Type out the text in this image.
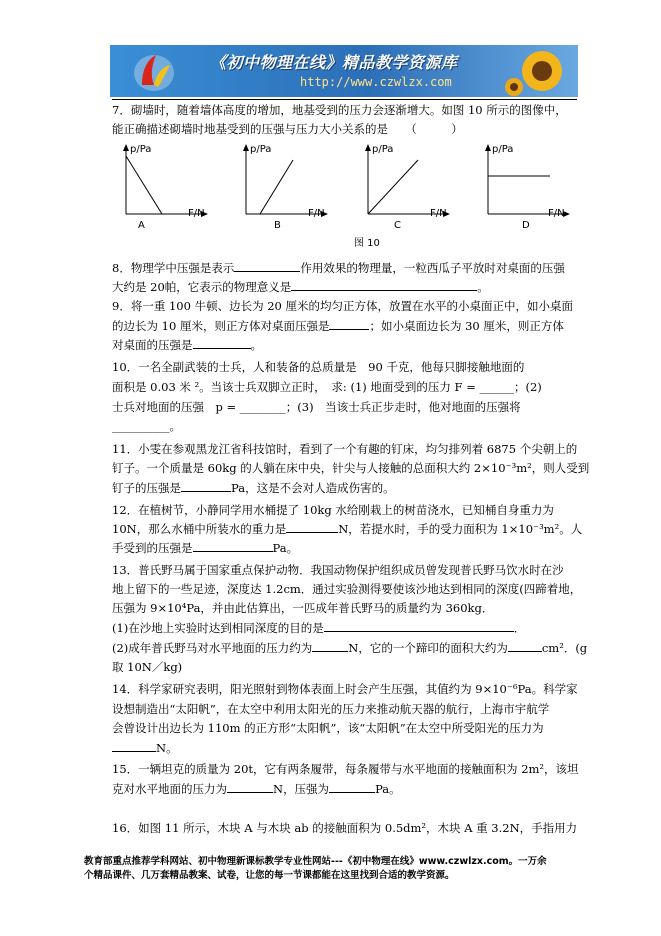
《初中物理在线》精品教学资源库
http://www.czwlzx.com
7．砌墙时，随着墙体高度的增加，地基受到的压力会逐渐增大。如图 10 所示的图像中，
能正确描述砌墙时地基受到的压强与压力大小关系的是　　（　　　）
p/Pa
F/N
A
p/Pa
F/N
B
p/Pa
F/N
C
p/Pa
F/N
D
图 10
8．物理学中压强是表示	作用效果的物理量，一粒西瓜子平放时对桌面的压强
大约是 20帕，它表示的物理意义是	。
9．将一重 100 牛顿、边长为 20 厘米的均匀正方体，放置在水平的小桌面正中，如小桌面
的边长为 10 厘米，则正方体对桌面压强是	；如小桌面边长为 30 厘米，则正方体
对桌面的压强是	。
10．一名全副武装的士兵，人和装备的总质量是　90 千克，他每只脚接触地面的
面积是 0.03 米 ²。当该士兵双脚立正时，　求: (1) 地面受到的压力 F = ______；(2)
士兵对地面的压强　p = ________；(3)　当该士兵正步走时，他对地面的压强将
__________。
11．小雯在参观黑龙江省科技馆时，看到了一个有趣的钉床，均匀排列着 6875 个尖朝上的
钉子。一个质量是 60kg 的人躺在床中央，针尖与人接触的总面积大约 2×10⁻³m²，则人受到
钉子的压强是	Pa，这是不会对人造成伤害的。
12．在植树节，小静同学用水桶提了 10kg 水给刚栽上的树苗浇水，已知桶自身重力为
10N，那么水桶中所装水的重力是	N，若提水时，手的受力面积为 1×10⁻³m²。人
手受到的压强是	Pa。
13．普氏野马属于国家重点保护动物．我国动物保护组织成员曾发现普氏野马饮水时在沙
地上留下的一些足迹，深度达 1.2cm．通过实验测得要使该沙地达到相同的深度(四蹄着地，
压强为 9×10⁴Pa，并由此估算出，一匹成年普氏野马的质量约为 360kg．
(1)在沙地上实验时达到相同深度的目的是	．
(2)成年普氏野马对水平地面的压力约为	N，它的一个蹄印的面积大约为	cm²．(g
取 10N／kg)
14．科学家研究表明，阳光照射到物体表面上时会产生压强，其值约为 9×10⁻⁶Pa。科学家
设想制造出“太阳帆”，在太空中利用太阳光的压力来推动航天器的航行，上海市宇航学
会曾设计出边长为 110m 的正方形“太阳帆”，该“太阳帆”在太空中所受阳光的压力为
N。
15．一辆坦克的质量为 20t，它有两条履带，每条履带与水平地面的接触面积为 2m²，该坦
克对水平地面的压力为	N，压强为	Pa。
16．如图 11 所示，木块 A 与木块 ab 的接触面积为 0.5dm²，木块 A 重 3.2N，手指用力
教育部重点推荐学科网站、初中物理新课标教学专业性网站---《初中物理在线》www.czwlzx.com。一万余
个精品课件、几万套精品教案、试卷，让您的每一节课都能在这里找到合适的教学资源。
